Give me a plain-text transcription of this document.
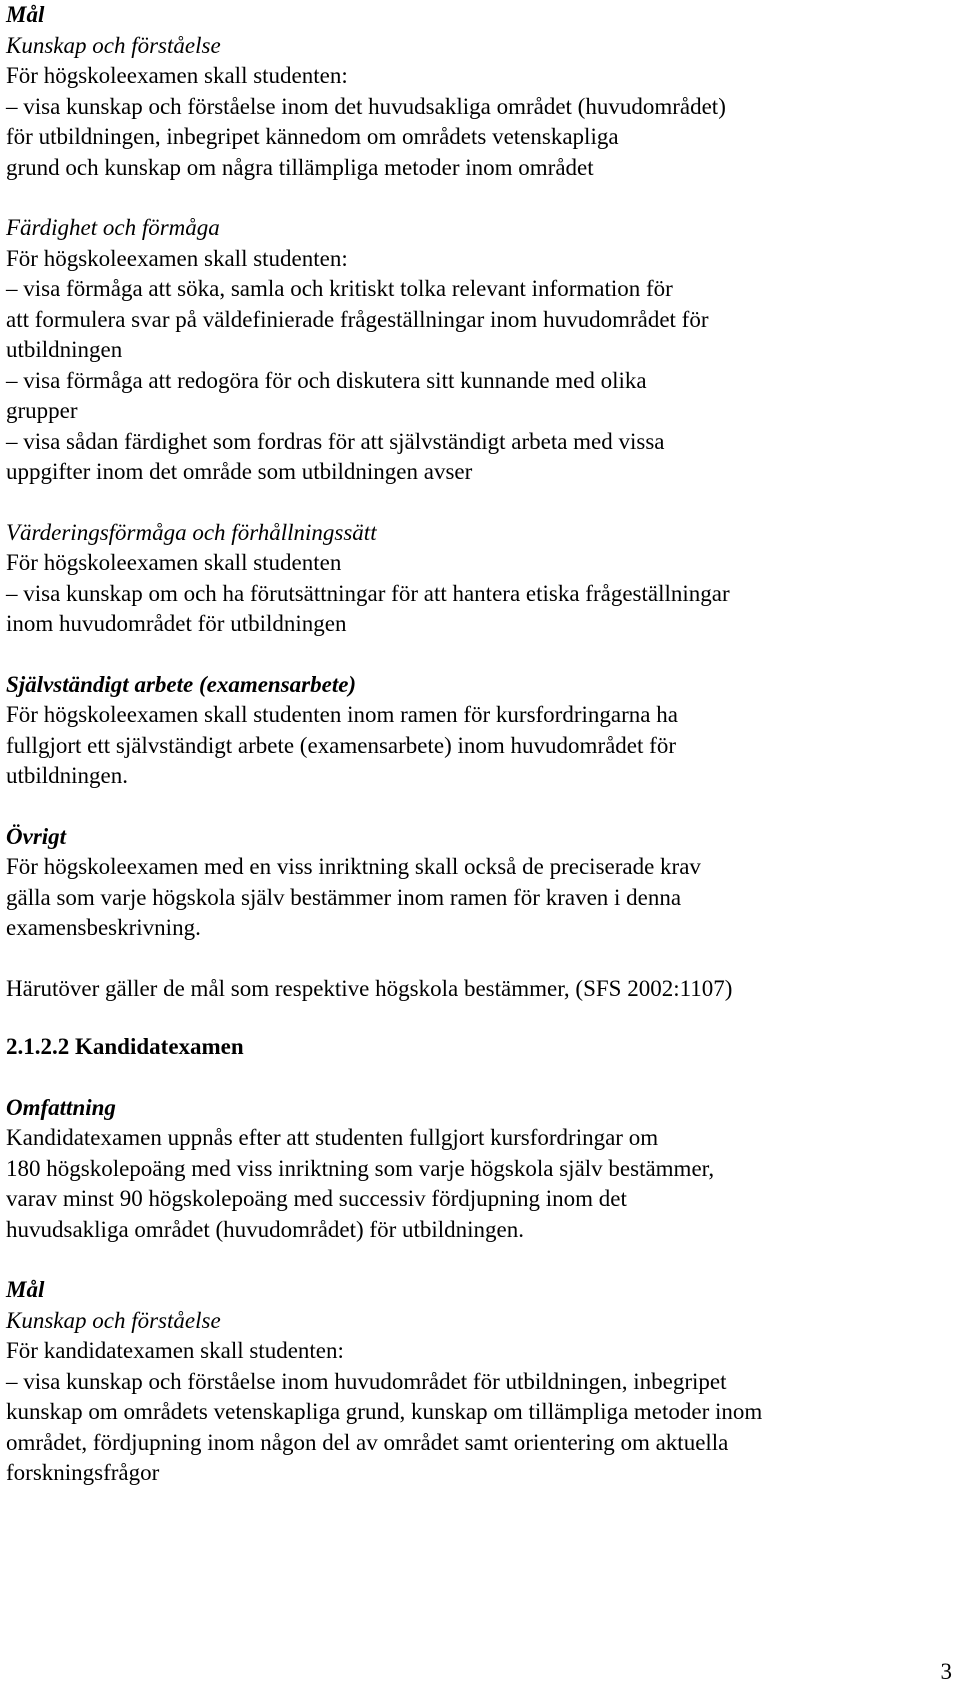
Mål
Kunskap och förståelse
För högskoleexamen skall studenten:
– visa kunskap och förståelse inom det huvudsakliga området (huvudområdet)
för utbildningen, inbegripet kännedom om områdets vetenskapliga
grund och kunskap om några tillämpliga metoder inom området
Färdighet och förmåga
För högskoleexamen skall studenten:
– visa förmåga att söka, samla och kritiskt tolka relevant information för
att formulera svar på väldefinierade frågeställningar inom huvudområdet för
utbildningen
– visa förmåga att redogöra för och diskutera sitt kunnande med olika
grupper
– visa sådan färdighet som fordras för att självständigt arbeta med vissa
uppgifter inom det område som utbildningen avser
Värderingsförmåga och förhållningssätt
För högskoleexamen skall studenten
– visa kunskap om och ha förutsättningar för att hantera etiska frågeställningar
inom huvudområdet för utbildningen
Självständigt arbete (examensarbete)
För högskoleexamen skall studenten inom ramen för kursfordringarna ha
fullgjort ett självständigt arbete (examensarbete) inom huvudområdet för
utbildningen.
Övrigt
För högskoleexamen med en viss inriktning skall också de preciserade krav
gälla som varje högskola själv bestämmer inom ramen för kraven i denna
examensbeskrivning.
Härutöver gäller de mål som respektive högskola bestämmer, (SFS 2002:1107)
2.1.2.2 Kandidatexamen
Omfattning
Kandidatexamen uppnås efter att studenten fullgjort kursfordringar om
180 högskolepoäng med viss inriktning som varje högskola själv bestämmer,
varav minst 90 högskolepoäng med successiv fördjupning inom det
huvudsakliga området (huvudområdet) för utbildningen.
Mål
Kunskap och förståelse
För kandidatexamen skall studenten:
– visa kunskap och förståelse inom huvudområdet för utbildningen, inbegripet
kunskap om områdets vetenskapliga grund, kunskap om tillämpliga metoder inom
området, fördjupning inom någon del av området samt orientering om aktuella
forskningsfrågor
3
